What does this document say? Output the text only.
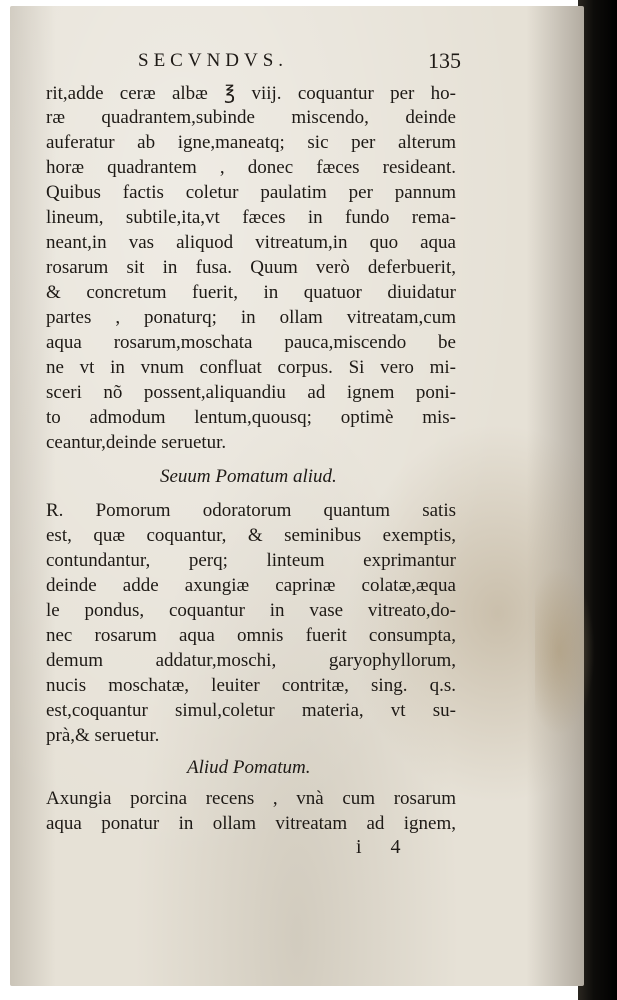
SECVNDVS.	135
rit,adde ceræ albæ ℥ viij. coquantur per ho-
ræ quadrantem,subinde miscendo, deinde
auferatur ab igne,maneatq; sic per alterum
horæ quadrantem , donec fæces resideant.
Quibus factis coletur paulatim per pannum
lineum, subtile,ita,vt fæces in fundo rema-
neant,in vas aliquod vitreatum,in quo aqua
rosarum sit in fusa. Quum verò deferbuerit,
& concretum fuerit, in quatuor diuidatur
partes , ponaturq; in ollam vitreatam,cum
aqua rosarum,moschata pauca,miscendo be
ne vt in vnum confluat corpus. Si vero mi-
sceri nõ possent,aliquandiu ad ignem poni-
to admodum lentum,quousq; optimè mis-
ceantur,deinde seruetur.
Seuum Pomatum aliud.
R. Pomorum odoratorum quantum satis
est, quæ coquantur, & seminibus exemptis,
contundantur, perq; linteum exprimantur
deinde adde axungiæ caprinæ colatæ,æqua
le pondus, coquantur in vase vitreato,do-
nec rosarum aqua omnis fuerit consumpta,
demum addatur,moschi, garyophyllorum,
nucis moschatæ, leuiter contritæ, sing. q.s.
est,coquantur simul,coletur materia, vt su-
prà,& seruetur.
Aliud Pomatum.
Axungia porcina recens , vnà cum rosarum
aqua ponatur in ollam vitreatam ad ignem,
i 4
